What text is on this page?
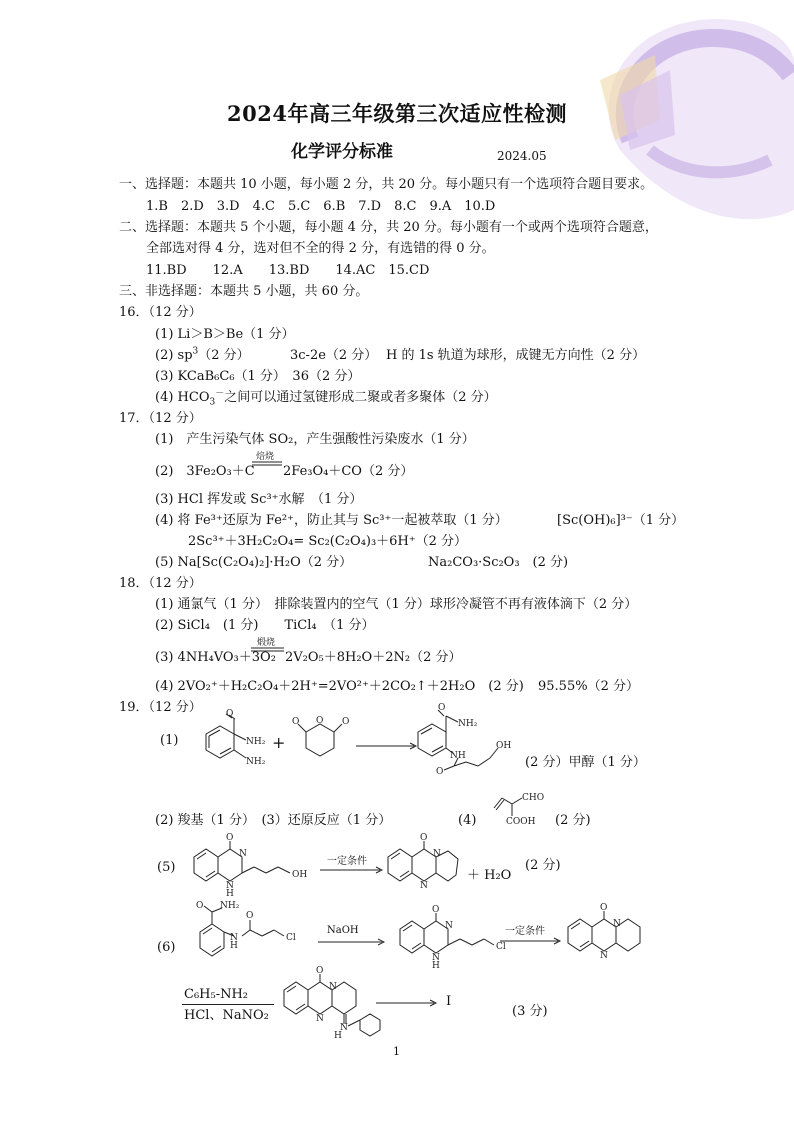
2024年高三年级第三次适应性检测
化学评分标准	2024.05
一、选择题：本题共 10 小题，每小题 2 分，共 20 分。每小题只有一个选项符合题目要求。
1.B　2.D　3.D　4.C　5.C　6.B　7.D　8.C　9.A　10.D
二、选择题：本题共 5 个小题，每小题 4 分，共 20 分。每小题有一个或两个选项符合题意，
全部选对得 4 分，选对但不全的得 2 分，有选错的得 0 分。
11.BD　　12.A　　13.BD　　14.AC　15.CD
三、非选择题：本题共 5 小题，共 60 分。
16．（12 分）
(1) Li＞B＞Be（1 分）
(2) $sp^3(2$ 分）	3c-2e（2 分） H 的 1s 轨道为球形，成键无方向性（2 分）
(3) KCaB₆C₆（1 分）　36（2 分）
(4) $HCO_3^-$之间可以通过氢键形成二聚或者多聚体（2 分）
17．（12 分）
(1)　产生污染气体 SO₂，产生强酸性污染废水（1 分）
(2)　3Fe₂O₃＋C
焙烧
2Fe₃O₄＋CO（2 分）
(3) HCl 挥发或 Sc³⁺水解　（1 分）
(4) 将 Fe³⁺还原为 Fe²⁺，防止其与 Sc³⁺一起被萃取（1 分）	[Sc(OH)₆]³⁻（1 分）
2Sc³⁺＋3H₂C₂O₄= Sc₂(C₂O₄)₃＋6H⁺（2 分）
(5) Na[Sc(C₂O₄)₂]·H₂O（2 分）	Na₂CO₃·Sc₂O₃　(2 分)
18．（12 分）
(1) 通氯气（1 分）　排除装置内的空气（1 分）球形冷凝管不再有液体滴下（2 分）
(2) SiCl₄　(1 分)　　TiCl₄　（1 分）
(3) 4NH₄VO₃＋3O₂
煅烧
2V₂O₅＋8H₂O＋2N₂（2 分）
(4) 2VO₂⁺＋H₂C₂O₄＋2H⁺=2VO²⁺＋2CO₂↑＋2H₂O　(2 分) 95.55%（2 分）
19．（12 分）
(1)
O
NH₂
NH₂
+
O
O	O
O
NH₂
NH
O
OH
(2 分）甲醇（1 分）
(2) 羧基（1 分）　(3）还原反应（1 分）	(4)
CHO
COOH (2 分)
(5)
O
N
N
H
OH
一定条件
O
N
N
＋ H₂O
(2 分)
(6)
O NH₂
N
H
O
Cl
NaOH
O
N
N
H
Cl
一定条件
O
N
N
C₆H₅-NH₂
HCl、NaNO₂
O
N
N
N
H
I
(3 分)
1
